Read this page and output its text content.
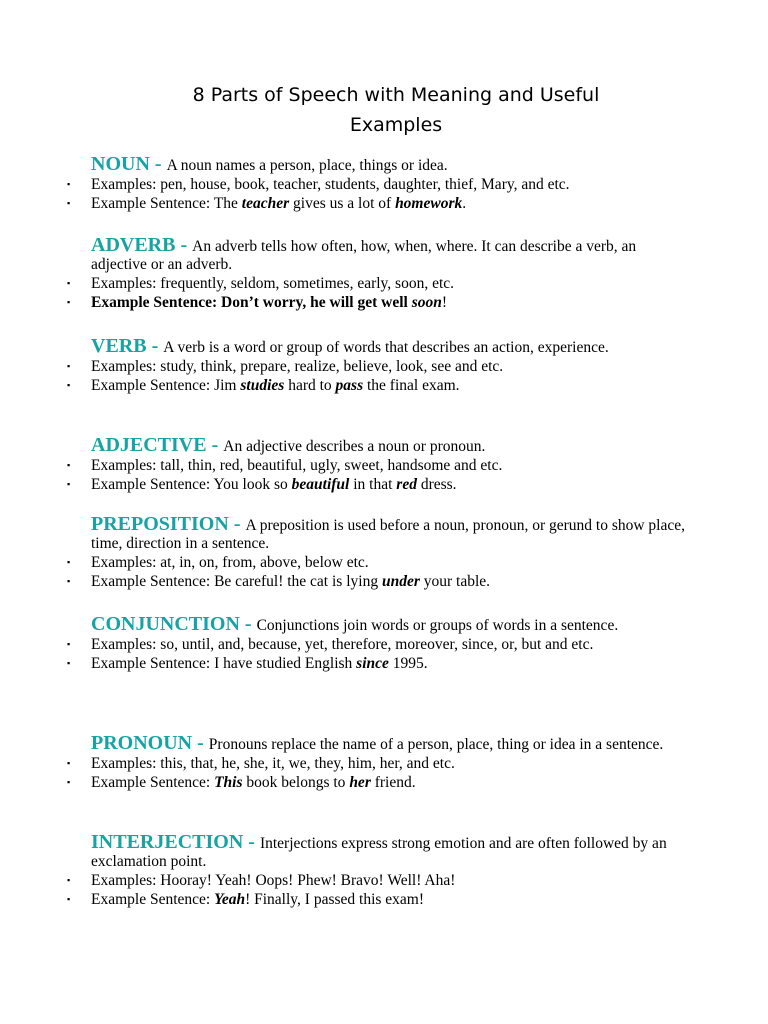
8 Parts of Speech with Meaning and Useful
Examples
NOUN - A noun names a person, place, things or idea.
▪ Examples: pen, house, book, teacher, students, daughter, thief, Mary, and etc.
▪ Example Sentence: The teacher gives us a lot of homework.
ADVERB - An adverb tells how often, how, when, where. It can describe a verb, an adjective or an adverb.
▪ Examples: frequently, seldom, sometimes, early, soon, etc.
▪ Example Sentence: Don’t worry, he will get well soon!
VERB - A verb is a word or group of words that describes an action, experience.
▪ Examples: study, think, prepare, realize, believe, look, see and etc.
▪ Example Sentence: Jim studies hard to pass the final exam.
ADJECTIVE - An adjective describes a noun or pronoun.
▪ Examples: tall, thin, red, beautiful, ugly, sweet, handsome and etc.
▪ Example Sentence: You look so beautiful in that red dress.
PREPOSITION - A preposition is used before a noun, pronoun, or gerund to show place, time, direction in a sentence.
▪ Examples: at, in, on, from, above, below etc.
▪ Example Sentence: Be careful! the cat is lying under your table.
CONJUNCTION - Conjunctions join words or groups of words in a sentence.
▪ Examples: so, until, and, because, yet, therefore, moreover, since, or, but and etc.
▪ Example Sentence: I have studied English since 1995.
PRONOUN - Pronouns replace the name of a person, place, thing or idea in a sentence.
▪ Examples: this, that, he, she, it, we, they, him, her, and etc.
▪ Example Sentence: This book belongs to her friend.
INTERJECTION - Interjections express strong emotion and are often followed by an exclamation point.
▪ Examples: Hooray! Yeah! Oops! Phew! Bravo! Well! Aha!
▪ Example Sentence: Yeah! Finally, I passed this exam!
